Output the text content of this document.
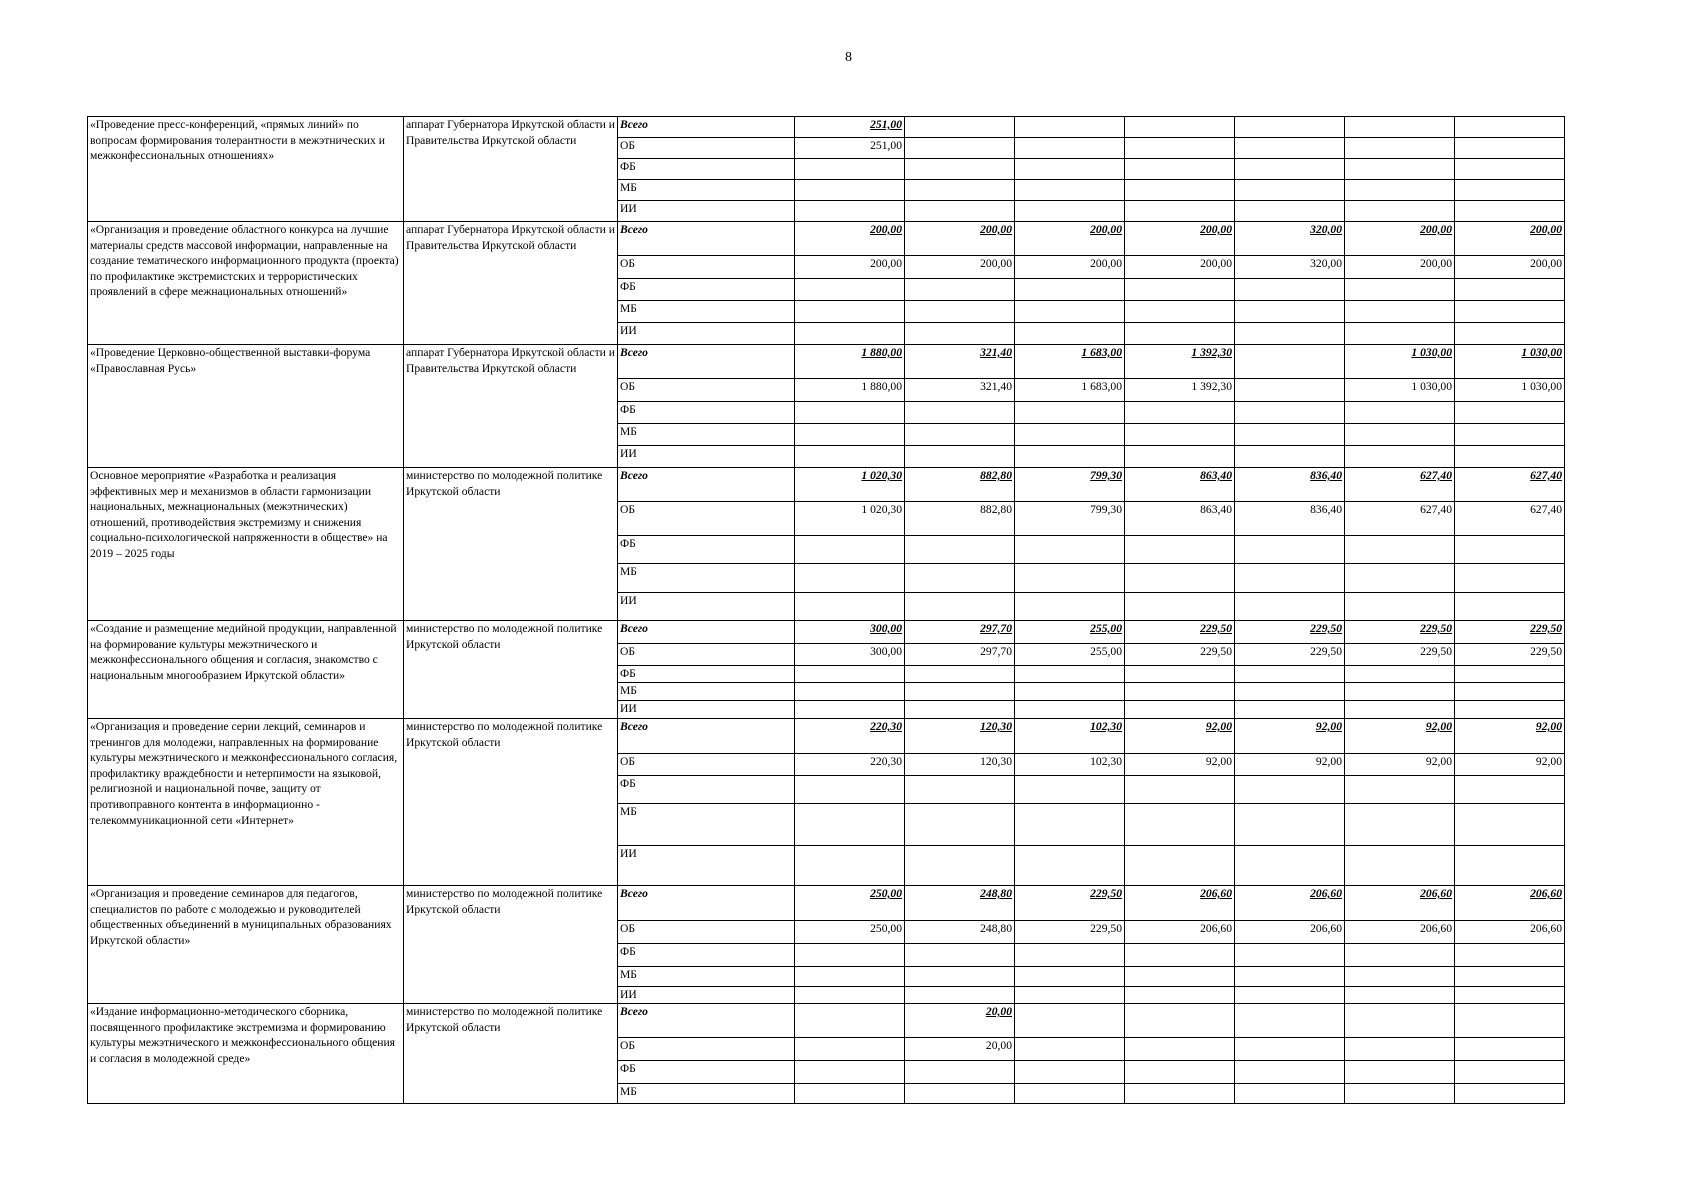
8
«Проведение пресс-конференций, «прямых линий» по вопросам формирования толерантности в межэтнических и межконфессиональных отношениях»	аппарат Губернатора Иркутской области и Правительства Иркутской области	Всего	251,00						
		ОБ	251,00						
		ФБ							
		МБ							
		ИИ							
«Организация и проведение областного конкурса на лучшие материалы средств массовой информации, направленные на создание тематического информационного продукта (проекта) по профилактике экстремистских и террористических проявлений в сфере межнациональных отношений»	аппарат Губернатора Иркутской области и Правительства Иркутской области	Всего	200,00	200,00	200,00	200,00	320,00	200,00	200,00
		ОБ	200,00	200,00	200,00	200,00	320,00	200,00	200,00
		ФБ							
		МБ							
		ИИ							
«Проведение Церковно-общественной выставки-форума «Православная Русь»	аппарат Губернатора Иркутской области и Правительства Иркутской области	Всего	1 880,00	321,40	1 683,00	1 392,30		1 030,00	1 030,00
		ОБ	1 880,00	321,40	1 683,00	1 392,30		1 030,00	1 030,00
		ФБ							
		МБ							
		ИИ							
Основное мероприятие «Разработка и реализация эффективных мер и механизмов в области гармонизации национальных, межнациональных (межэтнических) отношений, противодействия экстремизму и снижения социально-психологической напряженности в обществе» на 2019 – 2025 годы	министерство по молодежной политике Иркутской области	Всего	1 020,30	882,80	799,30	863,40	836,40	627,40	627,40
		ОБ	1 020,30	882,80	799,30	863,40	836,40	627,40	627,40
		ФБ							
		МБ							
		ИИ							
«Создание и размещение медийной продукции, направленной на формирование культуры межэтнического и межконфессионального общения и согласия, знакомство с национальным многообразием Иркутской области»	министерство по молодежной политике Иркутской области	Всего	300,00	297,70	255,00	229,50	229,50	229,50	229,50
		ОБ	300,00	297,70	255,00	229,50	229,50	229,50	229,50
		ФБ							
		МБ							
		ИИ							
«Организация и проведение серии лекций, семинаров и тренингов для молодежи, направленных на формирование культуры межэтнического и межконфессионального согласия, профилактику враждебности и нетерпимости на языковой, религиозной и национальной почве, защиту от противоправного контента в информационно - телекоммуникационной сети «Интернет»	министерство по молодежной политике Иркутской области	Всего	220,30	120,30	102,30	92,00	92,00	92,00	92,00
		ОБ	220,30	120,30	102,30	92,00	92,00	92,00	92,00
		ФБ							
		МБ							
		ИИ							
«Организация и проведение семинаров для педагогов, специалистов по работе с молодежью и руководителей общественных объединений в муниципальных образованиях Иркутской области»	министерство по молодежной политике Иркутской области	Всего	250,00	248,80	229,50	206,60	206,60	206,60	206,60
		ОБ	250,00	248,80	229,50	206,60	206,60	206,60	206,60
		ФБ							
		МБ							
		ИИ							
«Издание информационно-методического сборника, посвященного профилактике экстремизма и формированию культуры межэтнического и межконфессионального общения и согласия в молодежной среде»	министерство по молодежной политике Иркутской области	Всего		20,00					
		ОБ		20,00					
		ФБ							
		МБ							
